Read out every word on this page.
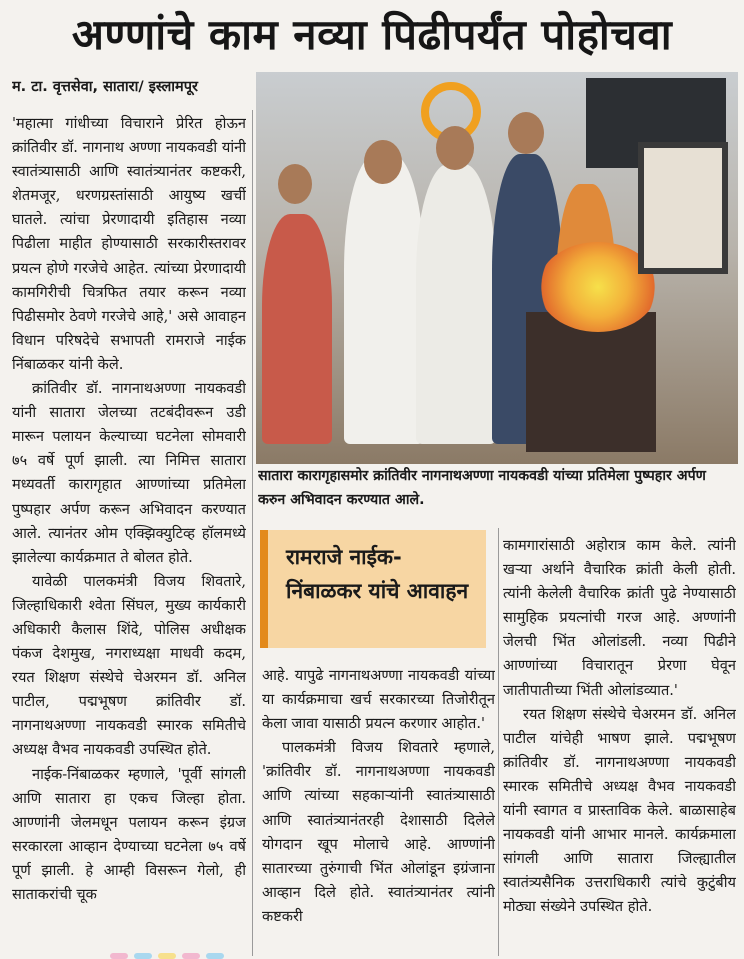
अण्णांचे काम नव्या पिढीपर्यंत पोहोचवा
म. टा. वृत्तसेवा, सातारा/ इस्लामपूर

'महात्मा गांधीच्या विचाराने प्रेरित होऊन क्रांतिवीर डॉ. नागनाथ अण्णा नायकवडी यांनी स्वातंत्र्यासाठी आणि स्वातंत्र्यानंतर कष्टकरी, शेतमजूर, धरणग्रस्तांसाठी आयुष्य खर्ची घातले. त्यांचा प्रेरणादायी इतिहास नव्या पिढीला माहीत होण्यासाठी सरकारीस्तरावर प्रयत्न होणे गरजेचे आहेत. त्यांच्या प्रेरणादायी कामगिरीची चित्रफित तयार करून नव्या पिढीसमोर ठेवणे गरजेचे आहे,' असे आवाहन विधान परिषदेचे सभापती रामराजे नाईक निंबाळकर यांनी केले.

क्रांतिवीर डॉ. नागनाथअण्णा नायकवडी यांनी सातारा जेलच्या तटबंदीवरून उडी मारून पलायन केल्याच्या घटनेला सोमवारी ७५ वर्षे पूर्ण झाली. त्या निमित्त सातारा मध्यवर्ती कारागृहात आण्णांच्या प्रतिमेला पुष्पहार अर्पण करून अभिवादन करण्यात आले. त्यानंतर ओम एक्झिक्युटिव्ह हॉलमध्ये झालेल्या कार्यक्रमात ते बोलत होते.

यावेळी पालकमंत्री विजय शिवतारे, जिल्हाधिकारी श्वेता सिंघल, मुख्य कार्यकारी अधिकारी कैलास शिंदे, पोलिस अधीक्षक पंकज देशमुख, नगराध्यक्षा माधवी कदम, रयत शिक्षण संस्थेचे चेअरमन डॉ. अनिल पाटील, पद्मभूषण क्रांतिवीर डॉ. नागनाथअण्णा नायकवडी स्मारक समितीचे अध्यक्ष वैभव नायकवडी उपस्थित होते.

नाईक-निंबाळकर म्हणाले, 'पूर्वी सांगली आणि सातारा हा एकच जिल्हा होता. आण्णांनी जेलमधून पलायन करून इंग्रज सरकारला आव्हान देण्याच्या घटनेला ७५ वर्षे पूर्ण झाली. हे आम्ही विसरून गेलो, ही साताकरांची चूक

सातारा कारागृहासमोर क्रांतिवीर नागनाथअण्णा नायकवडी यांच्या प्रतिमेला पुष्पहार अर्पण करुन अभिवादन करण्यात आले.
रामराजे नाईक-निंबाळकर यांचे आवाहन

आहे. यापुढे नागनाथअण्णा नायकवडी यांच्या या कार्यक्रमाचा खर्च सरकारच्या तिजोरीतून केला जावा यासाठी प्रयत्न करणार आहोत.'

पालकमंत्री विजय शिवतारे म्हणाले, 'क्रांतिवीर डॉ. नागनाथअण्णा नायकवडी आणि त्यांच्या सहकाऱ्यांनी स्वातंत्र्यासाठी आणि स्वातंत्र्यानंतरही देशासाठी दिलेले योगदान खूप मोलाचे आहे. आण्णांनी सातारच्या तुरुंगाची भिंत ओलांडून इग्रंजाना आव्हान दिले होते. स्वातंत्र्यानंतर त्यांनी कष्टकरी

कामगारांसाठी अहोरात्र काम केले. त्यांनी खऱ्या अर्थाने वैचारिक क्रांती केली होती. त्यांनी केलेली वैचारिक क्रांती पुढे नेण्यासाठी सामुहिक प्रयत्नांची गरज आहे. अण्णांनी जेलची भिंत ओलांडली. नव्या पिढीने आण्णांच्या विचारातून प्रेरणा घेवून जातीपातीच्या भिंती ओलांडव्यात.'

रयत शिक्षण संस्थेचे चेअरमन डॉ. अनिल पाटील यांचेही भाषण झाले. पद्मभूषण क्रांतिवीर डॉ. नागनाथअण्णा नायकवडी स्मारक समितीचे अध्यक्ष वैभव नायकवडी यांनी स्वागत व प्रास्ताविक केले. बाळासाहेब नायकवडी यांनी आभार मानले. कार्यक्रमाला सांगली आणि सातारा जिल्ह्यातील स्वातंत्र्यसैनिक उत्तराधिकारी त्यांचे कुटुंबीय मोठ्या संख्येने उपस्थित होते.
